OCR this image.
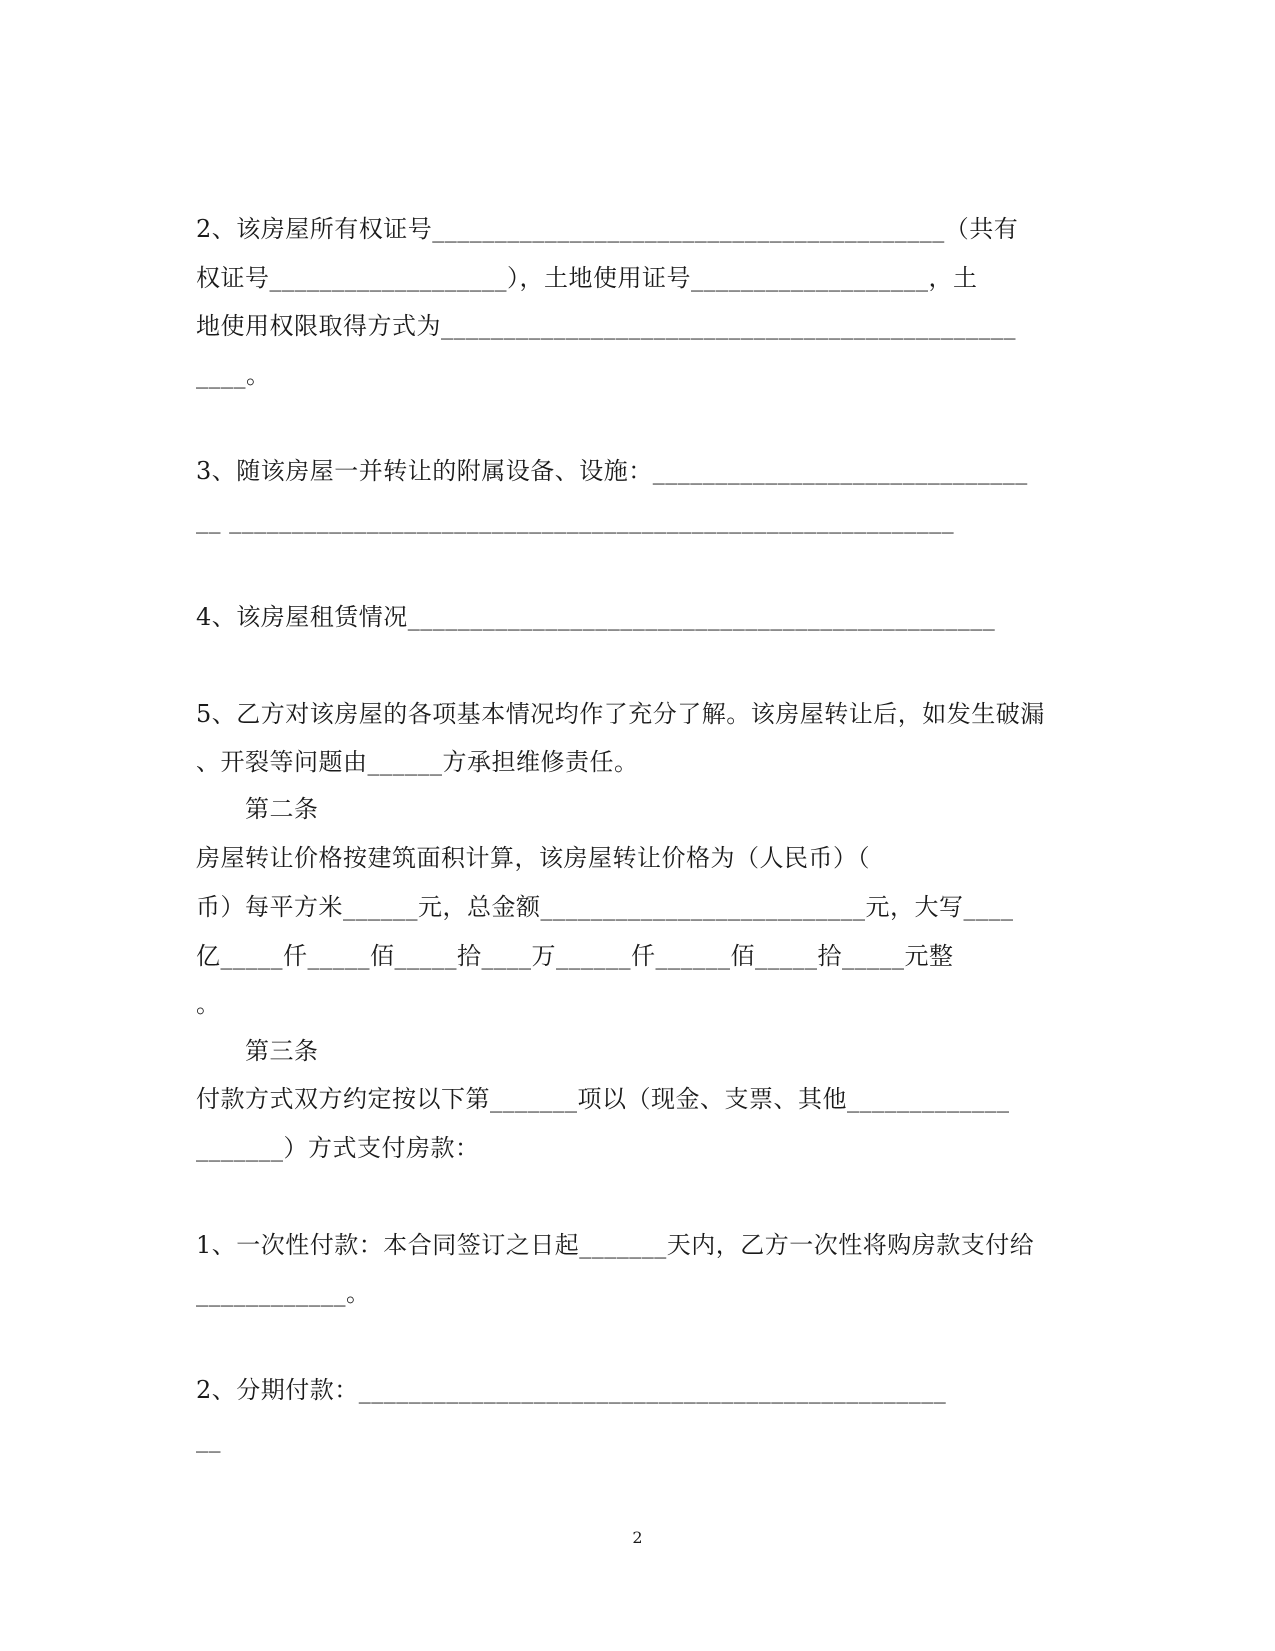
2、该房屋所有权证号_________________________________________（共有
权证号___________________），土地使用证号___________________，土
地使用权限取得方式为______________________________________________
____。
3、随该房屋一并转让的附属设备、设施：______________________________
__ __________________________________________________________
4、该房屋租赁情况_______________________________________________
5、乙方对该房屋的各项基本情况均作了充分了解。该房屋转让后，如发生破漏
、开裂等问题由______方承担维修责任。
第二条
房屋转让价格按建筑面积计算，该房屋转让价格为（人民币）（
币）每平方米______元，总金额__________________________元，大写____
亿_____仟_____佰_____拾____万______仟______佰_____拾_____元整
。
第三条
付款方式双方约定按以下第_______项以（现金、支票、其他_____________
_______）方式支付房款：
1、一次性付款：本合同签订之日起_______天内，乙方一次性将购房款支付给
____________。
2、分期付款：_______________________________________________
__
2
